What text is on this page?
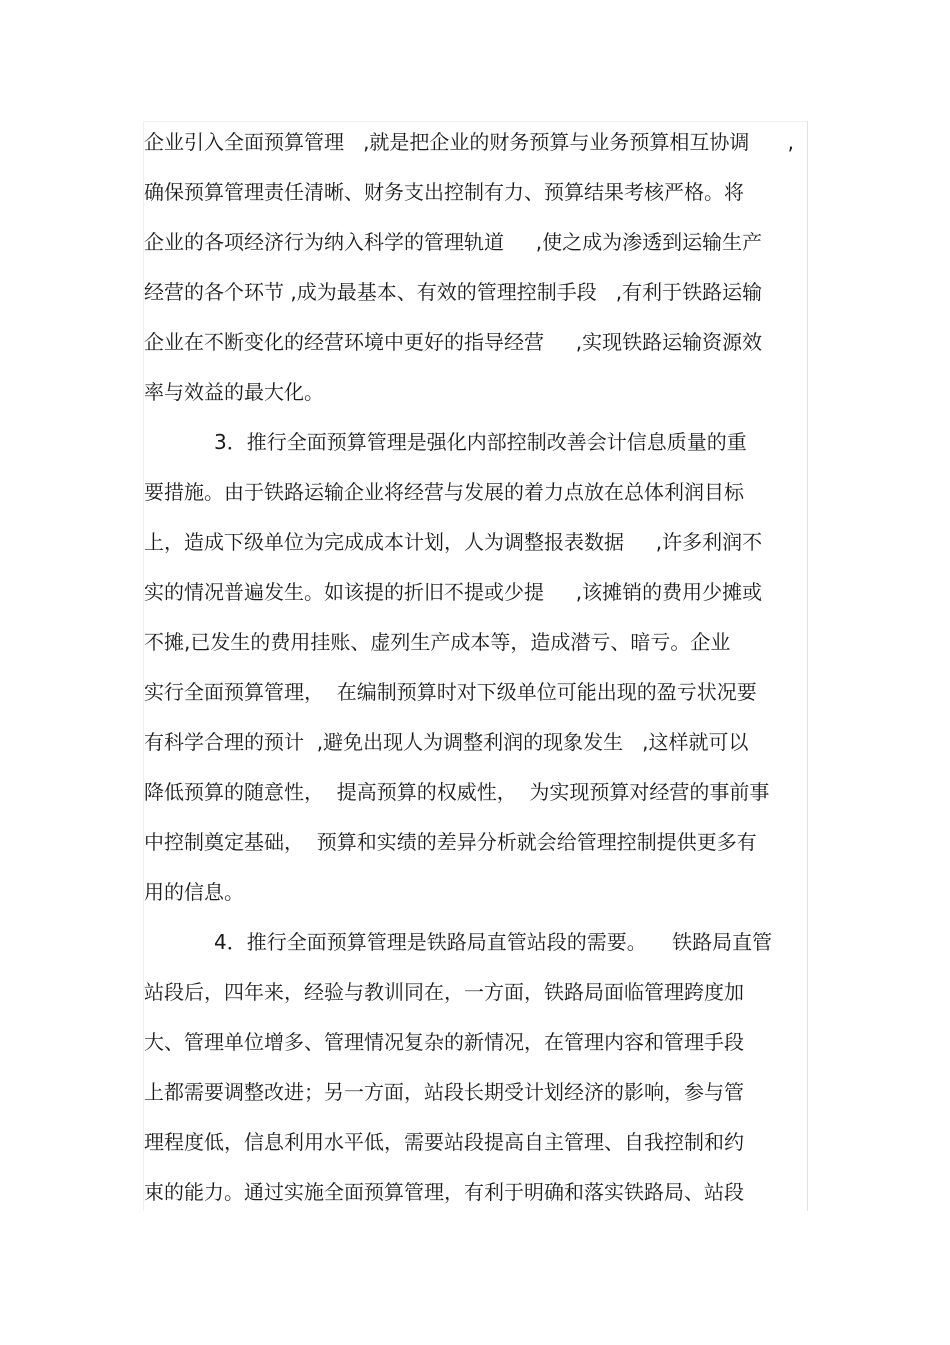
企业引入全面预算管理   ,就是把企业的财务预算与业务预算相互协调      ,
确保预算管理责任清晰、财务支出控制有力、预算结果考核严格。将
企业的各项经济行为纳入科学的管理轨道     ,使之成为渗透到运输生产
经营的各个环节 ,成为最基本、有效的管理控制手段   ,有利于铁路运输
企业在不断变化的经营环境中更好的指导经营     ,实现铁路运输资源效
率与效益的最大化。
3．推行全面预算管理是强化内部控制改善会计信息质量的重
要措施。由于铁路运输企业将经营与发展的着力点放在总体利润目标
上，造成下级单位为完成成本计划，人为调整报表数据     ,许多利润不
实的情况普遍发生。如该提的折旧不提或少提     ,该摊销的费用少摊或
不摊,已发生的费用挂账、虚列生产成本等，造成潜亏、暗亏。企业
实行全面预算管理，  在编制预算时对下级单位可能出现的盈亏状况要
有科学合理的预计  ,避免出现人为调整利润的现象发生   ,这样就可以
降低预算的随意性，  提高预算的权威性，  为实现预算对经营的事前事
中控制奠定基础，  预算和实绩的差异分析就会给管理控制提供更多有
用的信息。
4．推行全面预算管理是铁路局直管站段的需要。    铁路局直管
站段后，四年来，经验与教训同在，一方面，铁路局面临管理跨度加
大、管理单位增多、管理情况复杂的新情况，在管理内容和管理手段
上都需要调整改进；另一方面，站段长期受计划经济的影响，参与管
理程度低，信息利用水平低，需要站段提高自主管理、自我控制和约
束的能力。通过实施全面预算管理，有利于明确和落实铁路局、站段
